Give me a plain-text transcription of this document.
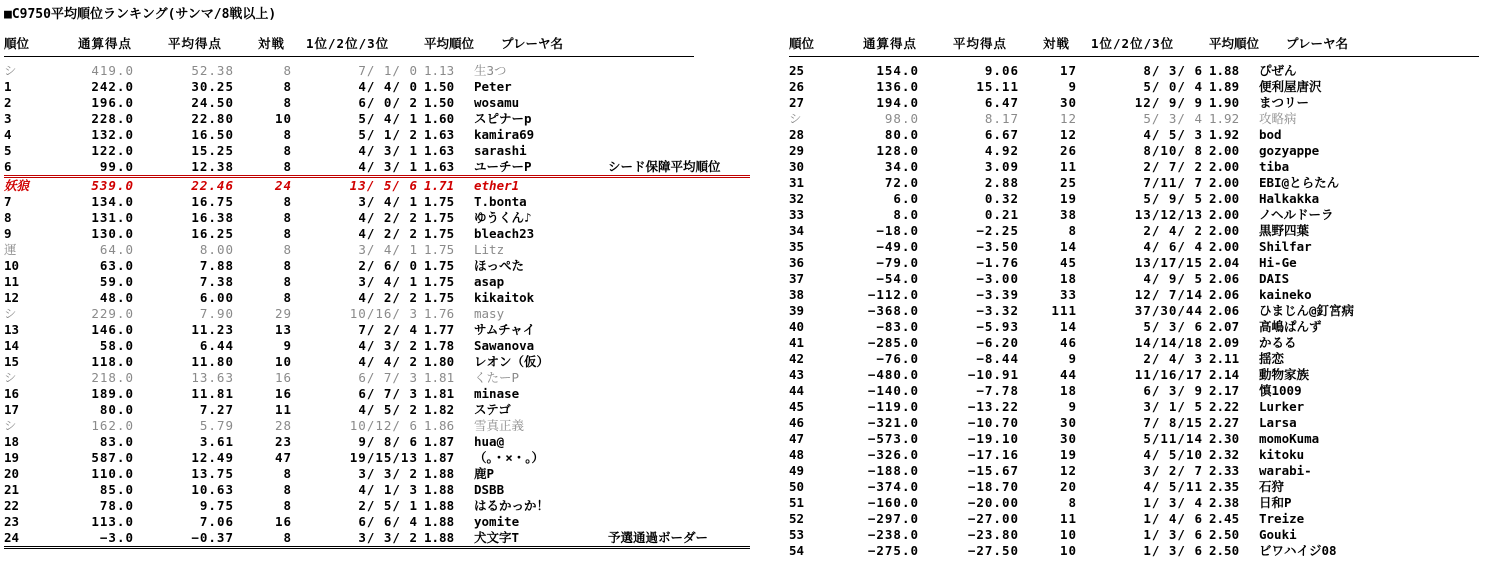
■C9750平均順位ランキング(サンマ/8戦以上)
順位	通算得点	平均得点	対戦	1位/2位/3位	平均順位 プレーヤ名
シ	419.0	52.38	8	7/ 1/ 0 1.13	生3つ
1	242.0	30.25	8	4/ 4/ 0 1.50	Peter
2	196.0	24.50	8	6/ 0/ 2 1.50	wosamu
3	228.0	22.80	10	5/ 4/ 1 1.60	スピナーp
4	132.0	16.50	8	5/ 1/ 2 1.63	kamira69
5	122.0	15.25	8	4/ 3/ 1 1.63	sarashi
6	99.0	12.38	8	4/ 3/ 1 1.63	ユーチーP	シード保障平均順位
妖狼	539.0	22.46	24	13/ 5/ 6 1.71	ether1
7	134.0	16.75	8	3/ 4/ 1 1.75	T.bonta
8	131.0	16.38	8	4/ 2/ 2 1.75	ゆうくん♪
9	130.0	16.25	8	4/ 2/ 2 1.75	bleach23
運	64.0	8.00	8	3/ 4/ 1 1.75	Litz
10	63.0	7.88	8	2/ 6/ 0 1.75	ほっぺた
11	59.0	7.38	8	3/ 4/ 1 1.75	asap
12	48.0	6.00	8	4/ 2/ 2 1.75	kikaitok
シ	229.0	7.90	29	10/16/ 3 1.76	masy
13	146.0	11.23	13	7/ 2/ 4 1.77	サムチャイ
14	58.0	6.44	9	4/ 3/ 2 1.78	Sawanova
15	118.0	11.80	10	4/ 4/ 2 1.80	レオン（仮）
シ	218.0	13.63	16	6/ 7/ 3 1.81	くたーP
16	189.0	11.81	16	6/ 7/ 3 1.81	minase
17	80.0	7.27	11	4/ 5/ 2 1.82	ステゴ
シ	162.0	5.79	28	10/12/ 6 1.86	雪真正義
18	83.0	3.61	23	9/ 8/ 6 1.87	hua@
19	587.0	12.49	47	19/15/13 1.87	（。・×・。）
20	110.0	13.75	8	3/ 3/ 2 1.88	鹿P
21	85.0	10.63	8	4/ 1/ 3 1.88	DSBB
22	78.0	9.75	8	2/ 5/ 1 1.88	はるかっか！
23	113.0	7.06	16	6/ 6/ 4 1.88	yomite
24	−3.0	−0.37	8	3/ 3/ 2 1.88	犬文字T	予選通過ボーダー
順位	通算得点	平均得点	対戦	1位/2位/3位	平均順位 プレーヤ名
25	154.0	9.06	17	8/ 3/ 6 1.88	ぴぜん
26	136.0	15.11	9	5/ 0/ 4 1.89	便利屋唐沢
27	194.0	6.47	30	12/ 9/ 9 1.90	まつリー
シ	98.0	8.17	12	5/ 3/ 4 1.92	攻略病
28	80.0	6.67	12	4/ 5/ 3 1.92	bod
29	128.0	4.92	26	8/10/ 8 2.00	gozyappe
30	34.0	3.09	11	2/ 7/ 2 2.00	tiba
31	72.0	2.88	25	7/11/ 7 2.00	EBI@とらたん
32	6.0	0.32	19	5/ 9/ 5 2.00	Halkakka
33	8.0	0.21	38	13/12/13 2.00	ノヘルドーラ
34	−18.0	−2.25	8	2/ 4/ 2 2.00	黒野四葉
35	−49.0	−3.50	14	4/ 6/ 4 2.00	Shilfar
36	−79.0	−1.76	45	13/17/15 2.04	Hi-Ge
37	−54.0	−3.00	18	4/ 9/ 5 2.06	DAIS
38	−112.0	−3.39	33	12/ 7/14 2.06	kaineko
39	−368.0	−3.32	111	37/30/44 2.06	ひまじん@釘宮病
40	−83.0	−5.93	14	5/ 3/ 6 2.07	高嶋ぱんず
41	−285.0	−6.20	46	14/14/18 2.09	かるる
42	−76.0	−8.44	9	2/ 4/ 3 2.11	揺恋
43	−480.0	−10.91	44	11/16/17 2.14	動物家族
44	−140.0	−7.78	18	6/ 3/ 9 2.17	慎1009
45	−119.0	−13.22	9	3/ 1/ 5 2.22	Lurker
46	−321.0	−10.70	30	7/ 8/15 2.27	Larsa
47	−573.0	−19.10	30	5/11/14 2.30	momoKuma
48	−326.0	−17.16	19	4/ 5/10 2.32	kitoku
49	−188.0	−15.67	12	3/ 2/ 7 2.33	warabi-
50	−374.0	−18.70	20	4/ 5/11 2.35	石狩
51	−160.0	−20.00	8	1/ 3/ 4 2.38	日和P
52	−297.0	−27.00	11	1/ 4/ 6 2.45	Treize
53	−238.0	−23.80	10	1/ 3/ 6 2.50	Gouki
54	−275.0	−27.50	10	1/ 3/ 6 2.50	ビワハイジ08
